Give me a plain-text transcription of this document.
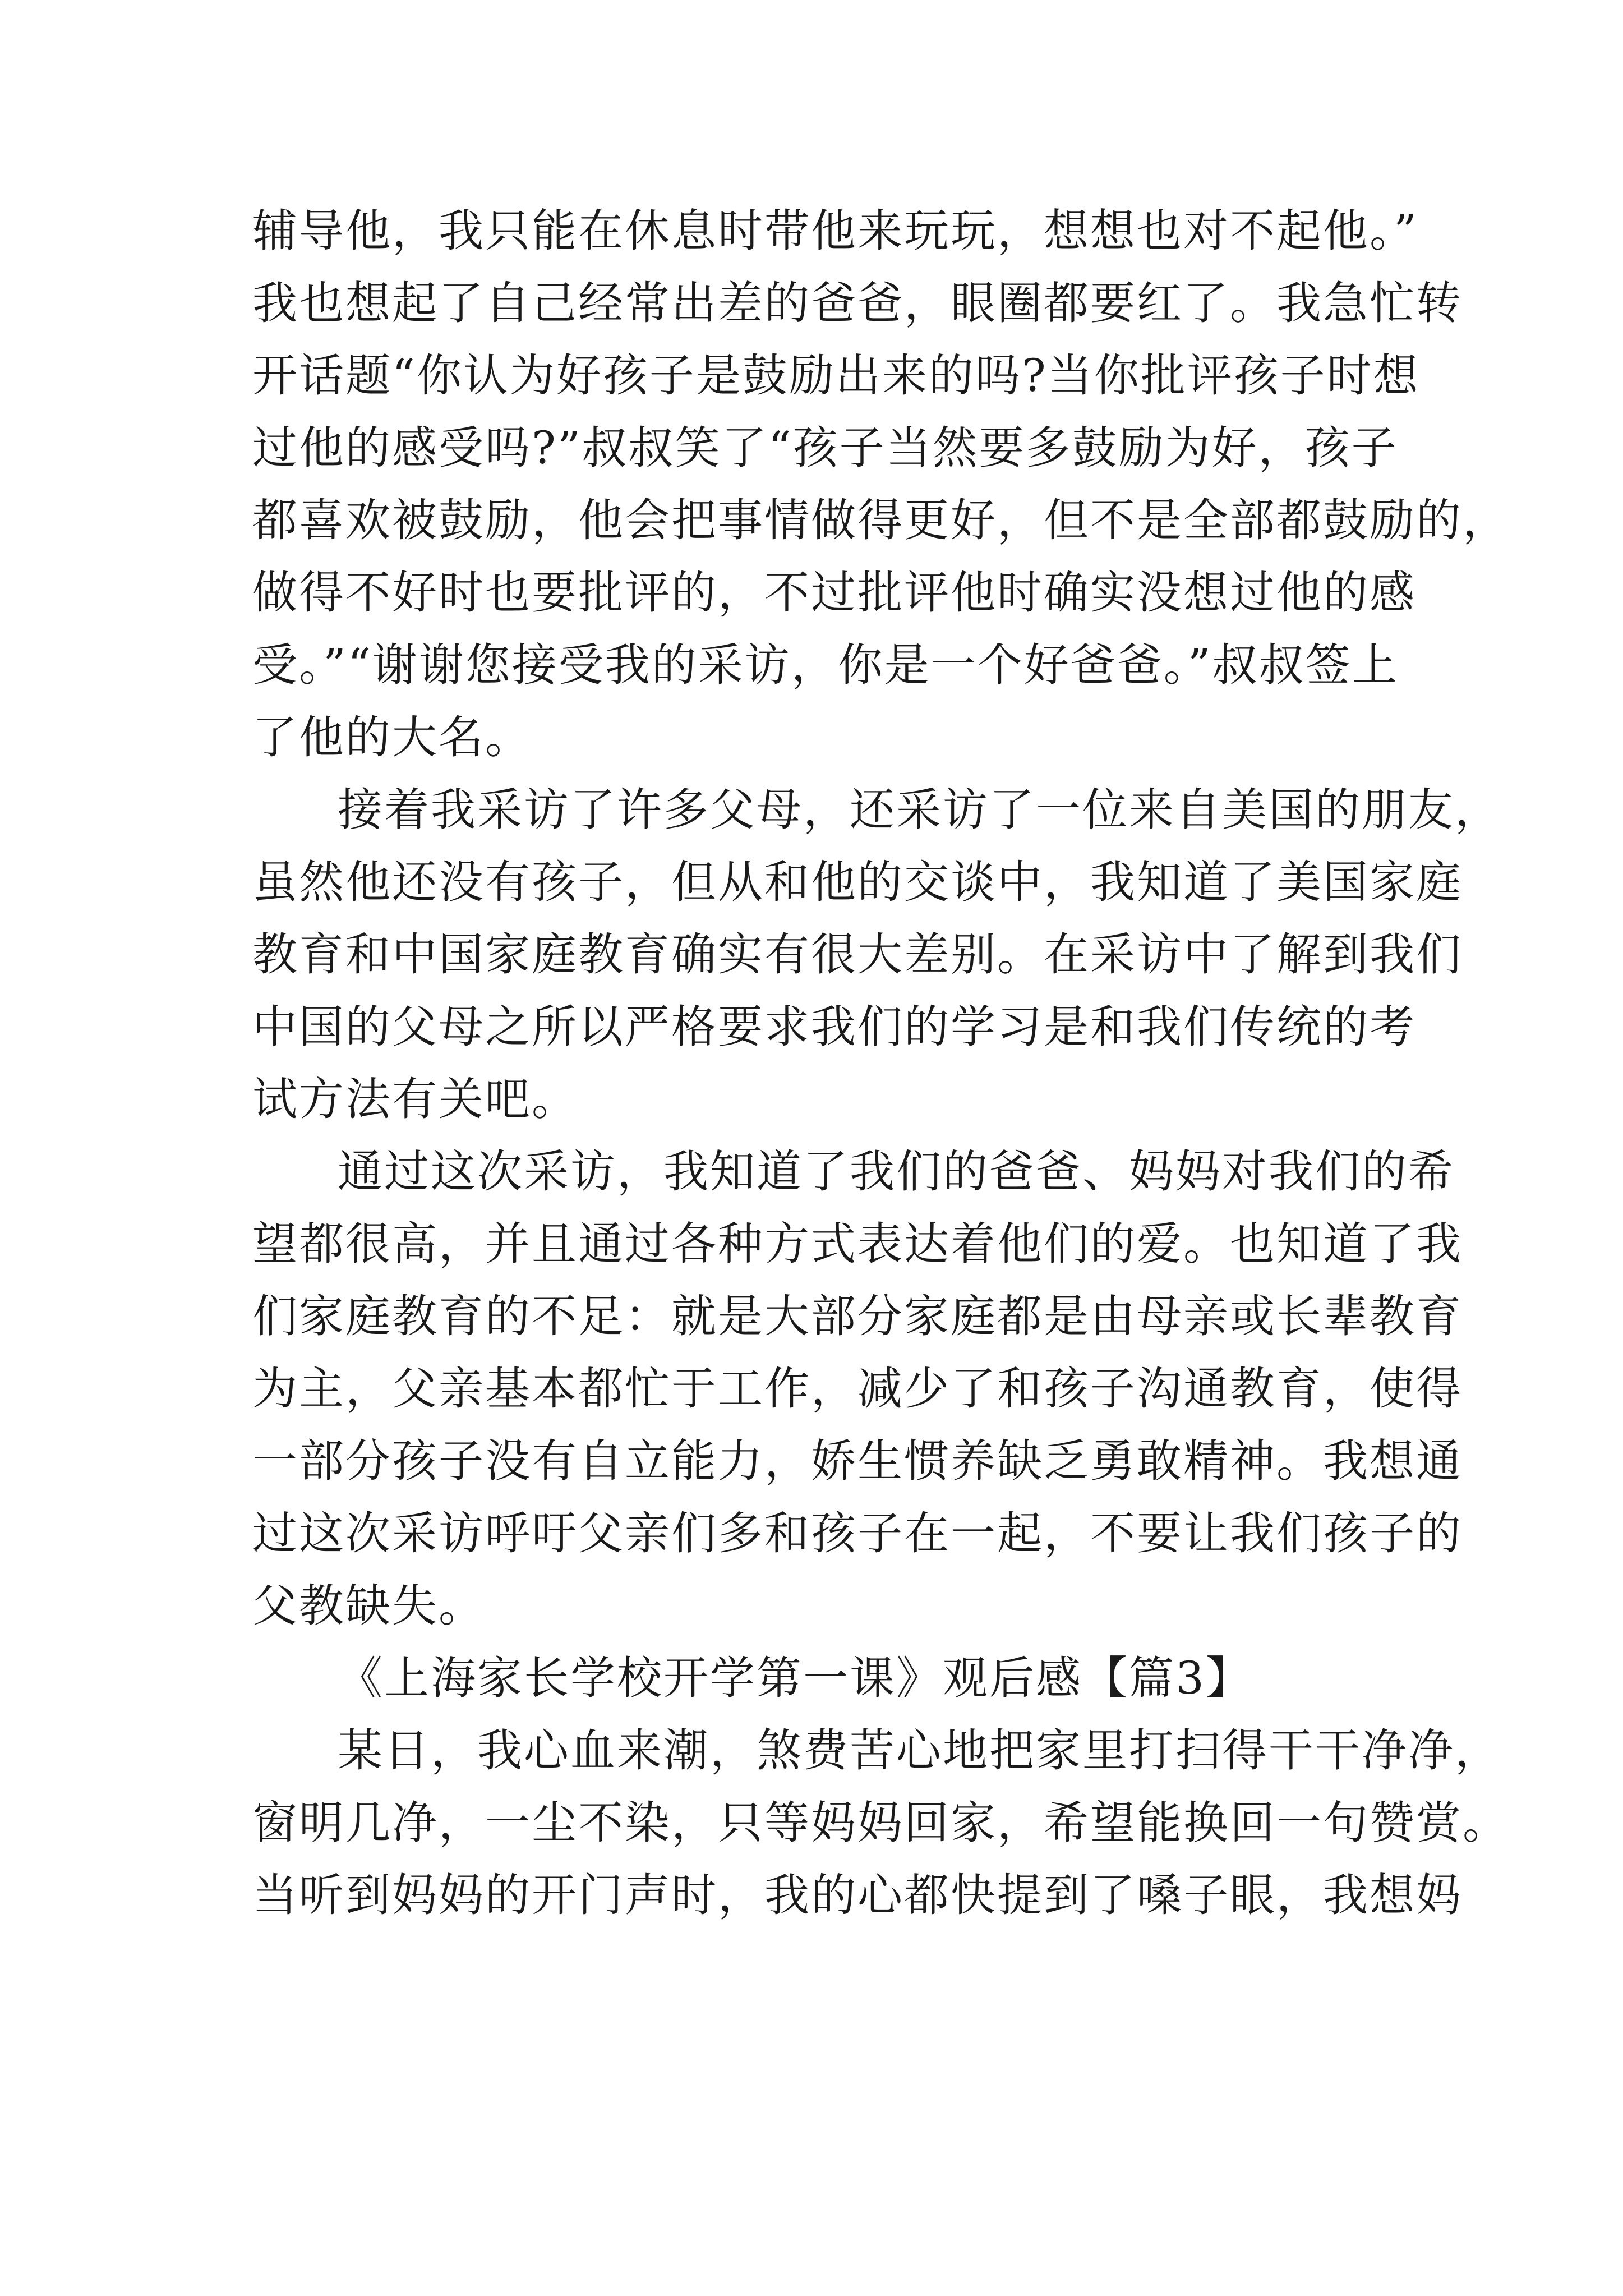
辅导他，我只能在休息时带他来玩玩，想想也对不起他。”
我也想起了自己经常出差的爸爸，眼圈都要红了。我急忙转
开话题“你认为好孩子是鼓励出来的吗?当你批评孩子时想
过他的感受吗?”叔叔笑了“孩子当然要多鼓励为好，孩子
都喜欢被鼓励，他会把事情做得更好，但不是全部都鼓励的，
做得不好时也要批评的，不过批评他时确实没想过他的感
受。”“谢谢您接受我的采访，你是一个好爸爸。”叔叔签上
了他的大名。
接着我采访了许多父母，还采访了一位来自美国的朋友，
虽然他还没有孩子，但从和他的交谈中，我知道了美国家庭
教育和中国家庭教育确实有很大差别。在采访中了解到我们
中国的父母之所以严格要求我们的学习是和我们传统的考
试方法有关吧。
通过这次采访，我知道了我们的爸爸、妈妈对我们的希
望都很高，并且通过各种方式表达着他们的爱。也知道了我
们家庭教育的不足：就是大部分家庭都是由母亲或长辈教育
为主，父亲基本都忙于工作，减少了和孩子沟通教育，使得
一部分孩子没有自立能力，娇生惯养缺乏勇敢精神。我想通
过这次采访呼吁父亲们多和孩子在一起，不要让我们孩子的
父教缺失。
《上海家长学校开学第一课》观后感【篇3】
某日，我心血来潮，煞费苦心地把家里打扫得干干净净，
窗明几净，一尘不染，只等妈妈回家，希望能换回一句赞赏。
当听到妈妈的开门声时，我的心都快提到了嗓子眼，我想妈
